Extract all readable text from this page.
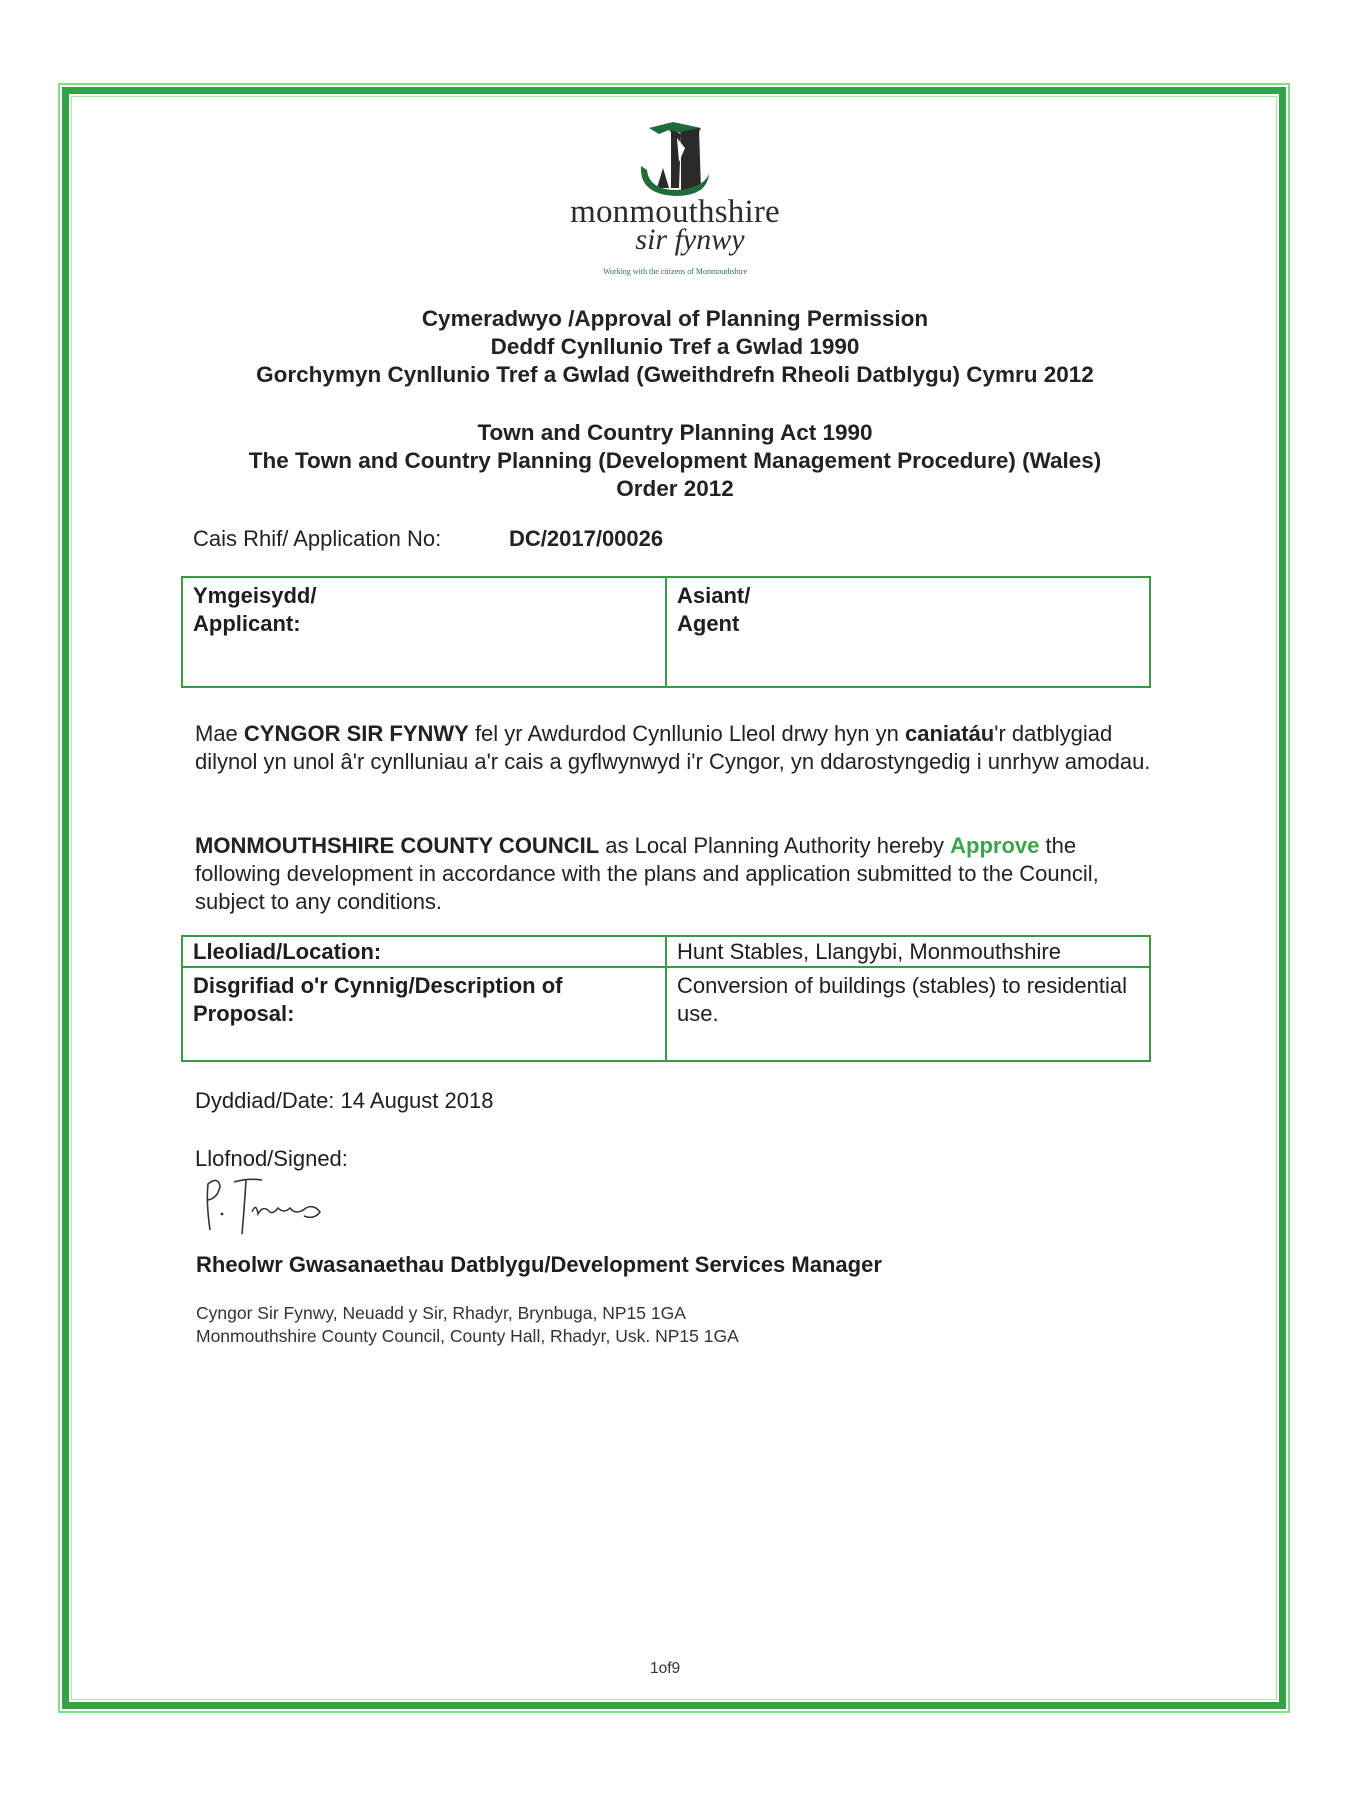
monmouthshire
sir fynwy
Working with the citizens of Monmouthshire
Cymeradwyo /Approval of Planning Permission
Deddf Cynllunio Tref a Gwlad 1990
Gorchymyn Cynllunio Tref a Gwlad (Gweithdrefn Rheoli Datblygu) Cymru 2012
Town and Country Planning Act 1990
The Town and Country Planning (Development Management Procedure) (Wales)
Order 2012
Cais Rhif/ Application No:	DC/2017/00026
Ymgeisydd/
Applicant:

Asiant/
Agent
Mae CYNGOR SIR FYNWY fel yr Awdurdod Cynllunio Lleol drwy hyn yn caniatáu'r datblygiad dilynol yn unol â'r cynlluniau a'r cais a gyflwynwyd i'r Cyngor, yn ddarostyngedig i unrhyw amodau.
MONMOUTHSHIRE COUNTY COUNCIL as Local Planning Authority hereby Approve the following development in accordance with the plans and application submitted to the Council, subject to any conditions.
Lleoliad/Location:	Hunt Stables, Llangybi, Monmouthshire
Disgrifiad o'r Cynnig/Description of Proposal:	Conversion of buildings (stables) to residential use.
Dyddiad/Date: 14 August 2018
Llofnod/Signed:
Rheolwr Gwasanaethau Datblygu/Development Services Manager
Cyngor Sir Fynwy, Neuadd y Sir, Rhadyr, Brynbuga, NP15 1GA
Monmouthshire County Council, County Hall, Rhadyr, Usk. NP15 1GA
1of9
